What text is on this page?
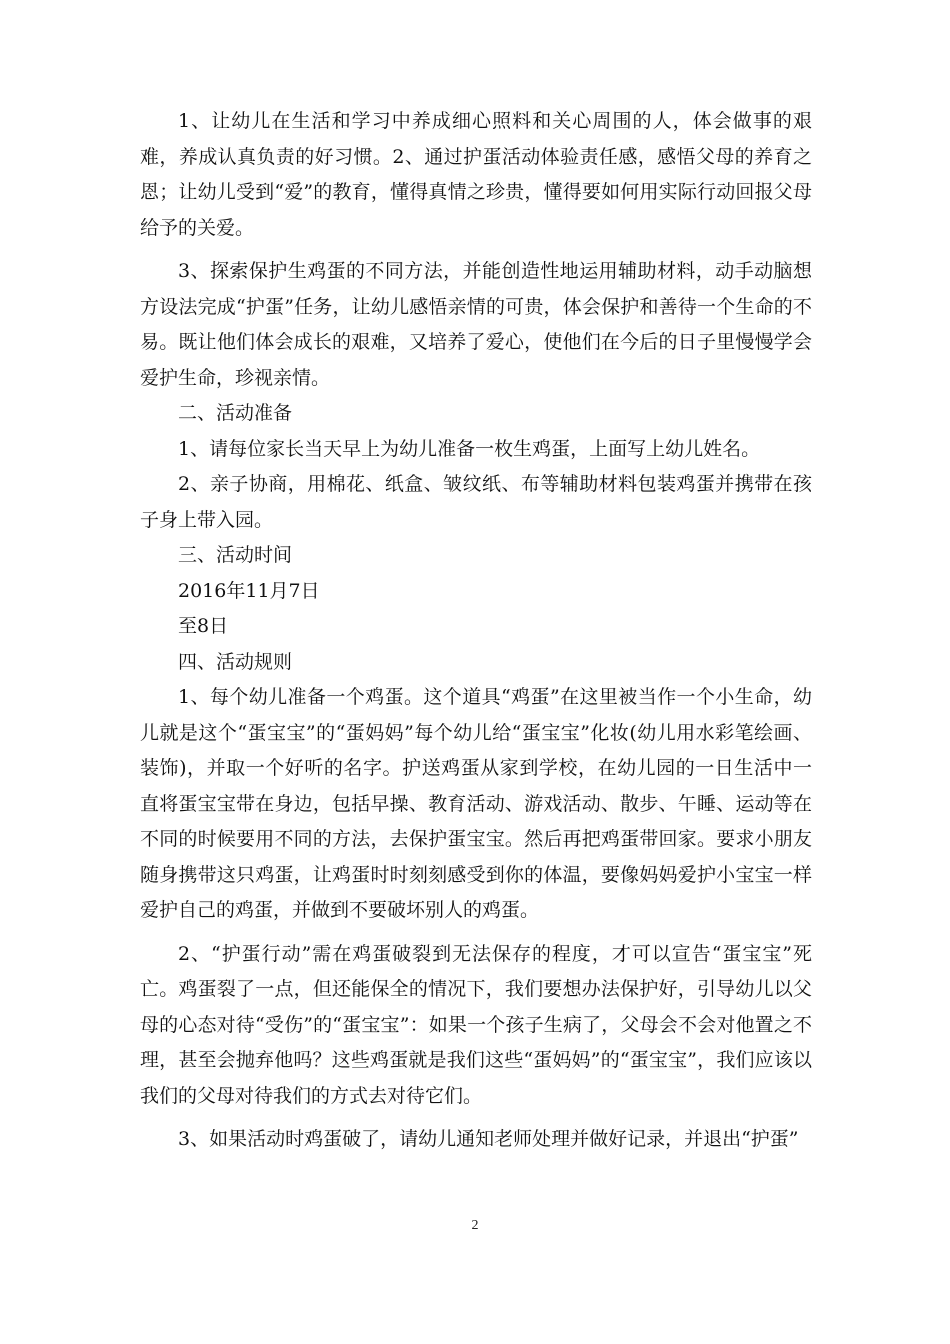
1、让幼儿在生活和学习中养成细心照料和关心周围的人，体会做事的艰难，养成认真负责的好习惯。2、通过护蛋活动体验责任感，感悟父母的养育之恩；让幼儿受到“爱”的教育，懂得真情之珍贵，懂得要如何用实际行动回报父母给予的关爱。

3、探索保护生鸡蛋的不同方法，并能创造性地运用辅助材料，动手动脑想方设法完成“护蛋”任务，让幼儿感悟亲情的可贵，体会保护和善待一个生命的不易。既让他们体会成长的艰难，又培养了爱心，使他们在今后的日子里慢慢学会爱护生命，珍视亲情。

二、活动准备

1、请每位家长当天早上为幼儿准备一枚生鸡蛋，上面写上幼儿姓名。

2、亲子协商，用棉花、纸盒、皱纹纸、布等辅助材料包装鸡蛋并携带在孩子身上带入园。

三、活动时间

2016年11月7日

至8日

四、活动规则

1、每个幼儿准备一个鸡蛋。这个道具“鸡蛋”在这里被当作一个小生命，幼儿就是这个“蛋宝宝”的“蛋妈妈”每个幼儿给“蛋宝宝”化妆(幼儿用水彩笔绘画、装饰)，并取一个好听的名字。护送鸡蛋从家到学校，在幼儿园的一日生活中一直将蛋宝宝带在身边，包括早操、教育活动、游戏活动、散步、午睡、运动等在不同的时候要用不同的方法，去保护蛋宝宝。然后再把鸡蛋带回家。要求小朋友随身携带这只鸡蛋，让鸡蛋时时刻刻感受到你的体温，要像妈妈爱护小宝宝一样爱护自己的鸡蛋，并做到不要破坏别人的鸡蛋。

2、“护蛋行动”需在鸡蛋破裂到无法保存的程度，才可以宣告“蛋宝宝”死亡。鸡蛋裂了一点，但还能保全的情况下，我们要想办法保护好，引导幼儿以父母的心态对待“受伤”的“蛋宝宝”：如果一个孩子生病了，父母会不会对他置之不理，甚至会抛弃他吗？这些鸡蛋就是我们这些“蛋妈妈”的“蛋宝宝”，我们应该以我们的父母对待我们的方式去对待它们。

3、如果活动时鸡蛋破了，请幼儿通知老师处理并做好记录，并退出“护蛋”

2
